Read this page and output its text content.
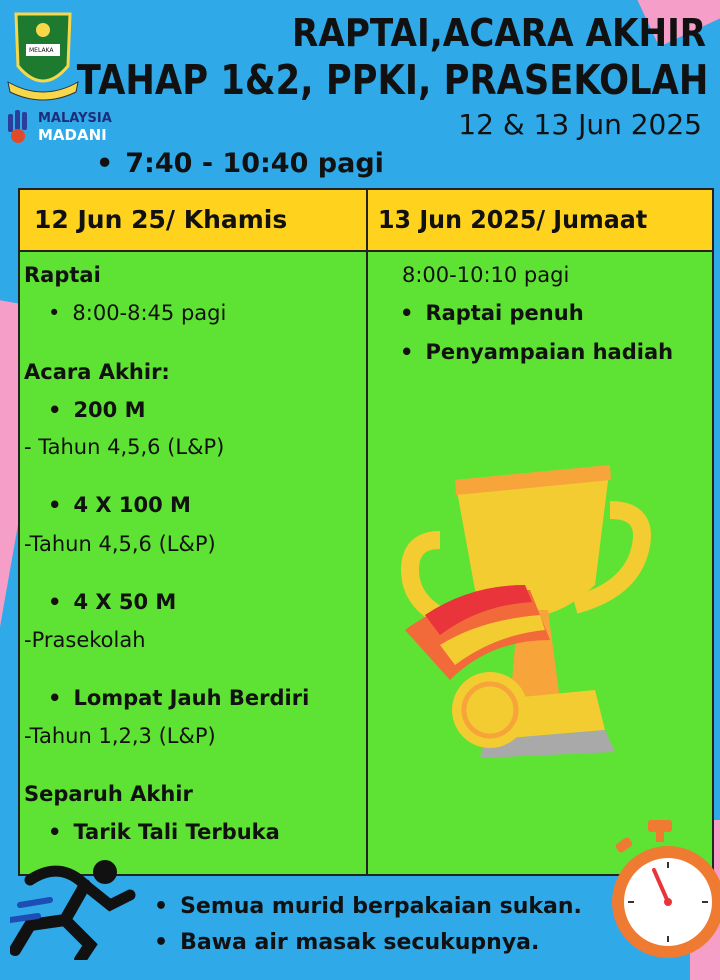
MELAKA
MALAYSIA
MADANI
RAPTAI,ACARA AKHIR
TAHAP 1&2, PPKI, PRASEKOLAH
12 & 13 Jun 2025
• 7:40 - 10:40 pagi
12 Jun 25/ Khamis	13 Jun 2025/ Jumaat
Raptai
• 8:00-8:45 pagi
Acara Akhir:
• 200 M
- Tahun 4,5,6 (L&P)
• 4 X 100 M
-Tahun 4,5,6 (L&P)
• 4 X 50 M
-Prasekolah
• Lompat Jauh Berdiri
-Tahun 1,2,3 (L&P)
Separuh Akhir
• Tarik Tali Terbuka
8:00-10:10 pagi
• Raptai penuh
• Penyampaian hadiah
• Semua murid berpakaian sukan.
• Bawa air masak secukupnya.
